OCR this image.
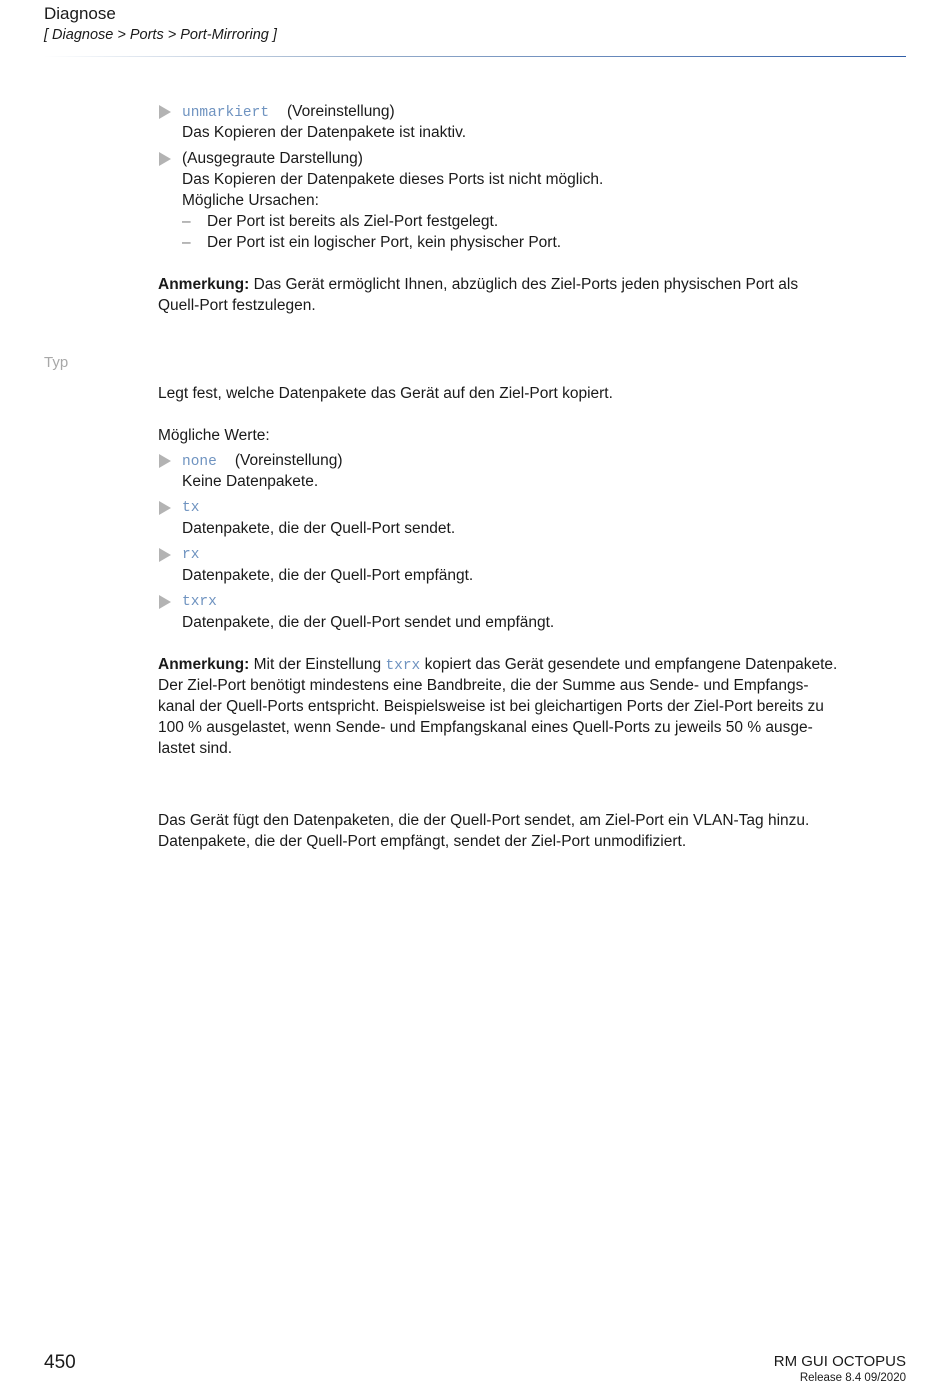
Diagnose
[ Diagnose > Ports > Port-Mirroring ]
unmarkiert (Voreinstellung)
Das Kopieren der Datenpakete ist inaktiv.
(Ausgegraute Darstellung)
Das Kopieren der Datenpakete dieses Ports ist nicht möglich.
Mögliche Ursachen:
– Der Port ist bereits als Ziel-Port festgelegt.
– Der Port ist ein logischer Port, kein physischer Port.
Anmerkung: Das Gerät ermöglicht Ihnen, abzüglich des Ziel-Ports jeden physischen Port als
Quell-Port festzulegen.
Typ
Legt fest, welche Datenpakete das Gerät auf den Ziel-Port kopiert.
Mögliche Werte:
none (Voreinstellung)
Keine Datenpakete.
tx
Datenpakete, die der Quell-Port sendet.
rx
Datenpakete, die der Quell-Port empfängt.
txrx
Datenpakete, die der Quell-Port sendet und empfängt.
Anmerkung: Mit der Einstellung txrx kopiert das Gerät gesendete und empfangene Datenpakete.
Der Ziel-Port benötigt mindestens eine Bandbreite, die der Summe aus Sende- und Empfangs-
kanal der Quell-Ports entspricht. Beispielsweise ist bei gleichartigen Ports der Ziel-Port bereits zu
100 % ausgelastet, wenn Sende- und Empfangskanal eines Quell-Ports zu jeweils 50 % ausge-
lastet sind.
Das Gerät fügt den Datenpaketen, die der Quell-Port sendet, am Ziel-Port ein VLAN-Tag hinzu.
Datenpakete, die der Quell-Port empfängt, sendet der Ziel-Port unmodifiziert.
450	RM GUI OCTOPUS
Release 8.4 09/2020
